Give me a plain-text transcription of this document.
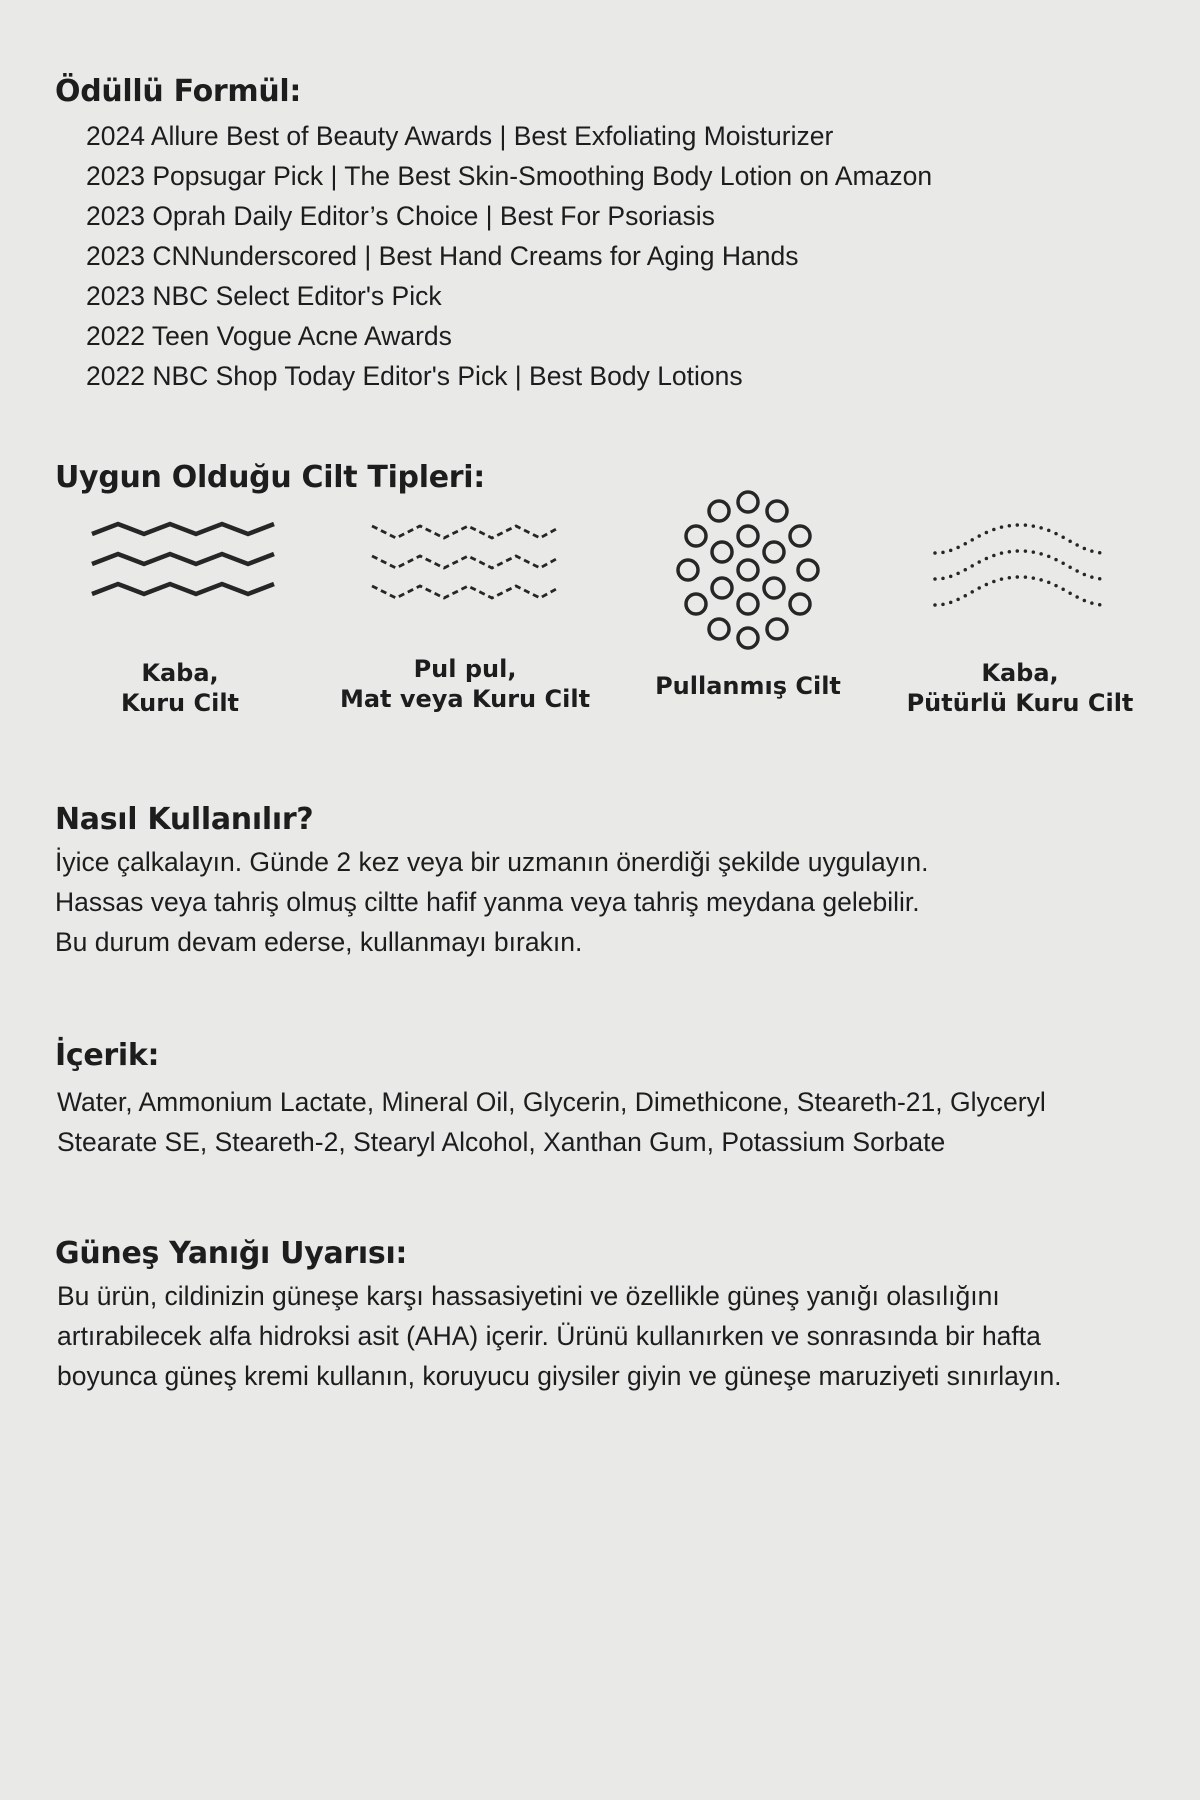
Ödüllü Formül:
2024 Allure Best of Beauty Awards | Best Exfoliating Moisturizer
2023 Popsugar Pick | The Best Skin-Smoothing Body Lotion on Amazon
2023 Oprah Daily Editor’s Choice | Best For Psoriasis
2023 CNNunderscored | Best Hand Creams for Aging Hands
2023 NBC Select Editor's Pick
2022 Teen Vogue Acne Awards
2022 NBC Shop Today Editor's Pick | Best Body Lotions
Uygun Olduğu Cilt Tipleri:
Kaba,
Kuru Cilt
Pul pul,
Mat veya Kuru Cilt	Pullanmış Cilt	Kaba,
Pütürlü Kuru Cilt
Nasıl Kullanılır?

İyice çalkalayın. Günde 2 kez veya bir uzmanın önerdiği şekilde uygulayın.
Hassas veya tahriş olmuş ciltte hafif yanma veya tahriş meydana gelebilir.
Bu durum devam ederse, kullanmayı bırakın.

İçerik:

Water, Ammonium Lactate, Mineral Oil, Glycerin, Dimethicone, Steareth-21, Glyceryl
Stearate SE, Steareth-2, Stearyl Alcohol, Xanthan Gum, Potassium Sorbate

Güneş Yanığı Uyarısı:

Bu ürün, cildinizin güneşe karşı hassasiyetini ve özellikle güneş yanığı olasılığını
artırabilecek alfa hidroksi asit (AHA) içerir. Ürünü kullanırken ve sonrasında bir hafta
boyunca güneş kremi kullanın, koruyucu giysiler giyin ve güneşe maruziyeti sınırlayın.
